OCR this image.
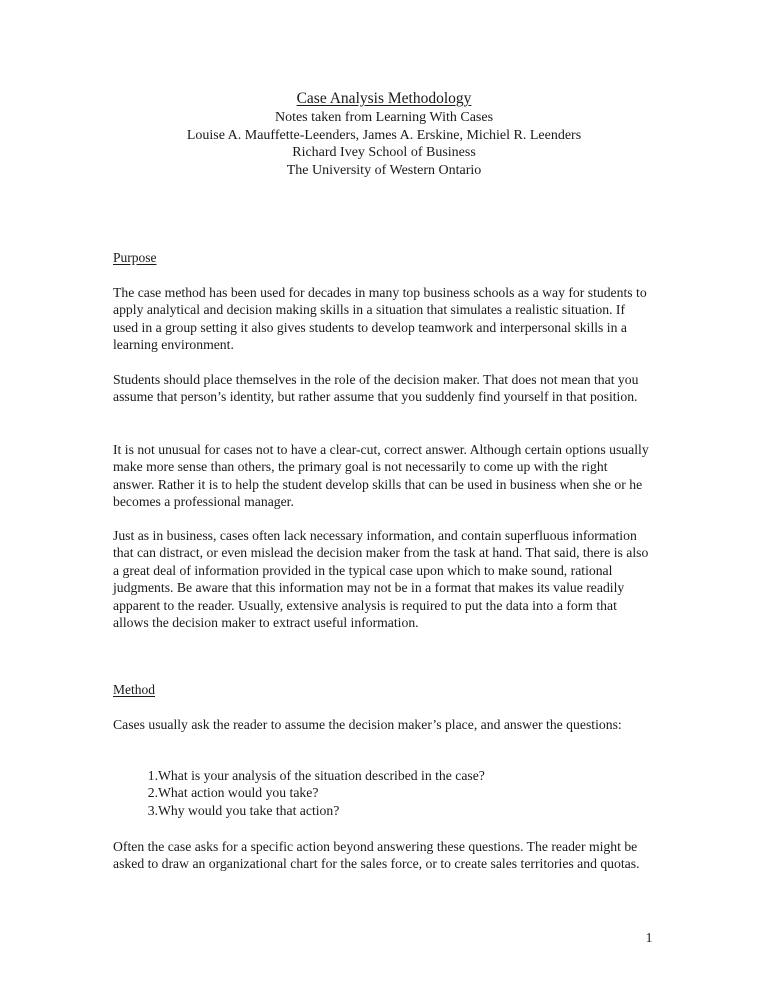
Case Analysis Methodology
Notes taken from Learning With Cases
Louise A. Mauffette-Leenders, James A. Erskine, Michiel R. Leenders
Richard Ivey School of Business
The University of Western Ontario
Purpose

The case method has been used for decades in many top business schools as a way for students to apply analytical and decision making skills in a situation that simulates a realistic situation. If used in a group setting it also gives students to develop teamwork and interpersonal skills in a learning environment.

Students should place themselves in the role of the decision maker. That does not mean that you assume that person’s identity, but rather assume that you suddenly find yourself in that position.

It is not unusual for cases not to have a clear-cut, correct answer. Although certain options usually make more sense than others, the primary goal is not necessarily to come up with the right answer. Rather it is to help the student develop skills that can be used in business when she or he becomes a professional manager.

Just as in business, cases often lack necessary information, and contain superfluous information that can distract, or even mislead the decision maker from the task at hand. That said, there is also a great deal of information provided in the typical case upon which to make sound, rational judgments. Be aware that this information may not be in a format that makes its value readily apparent to the reader. Usually, extensive analysis is required to put the data into a form that allows the decision maker to extract useful information.

Method

Cases usually ask the reader to assume the decision maker’s place, and answer the questions:

1. What is your analysis of the situation described in the case?
2. What action would you take?
3. Why would you take that action?

Often the case asks for a specific action beyond answering these questions. The reader might be asked to draw an organizational chart for the sales force, or to create sales territories and quotas.

1
